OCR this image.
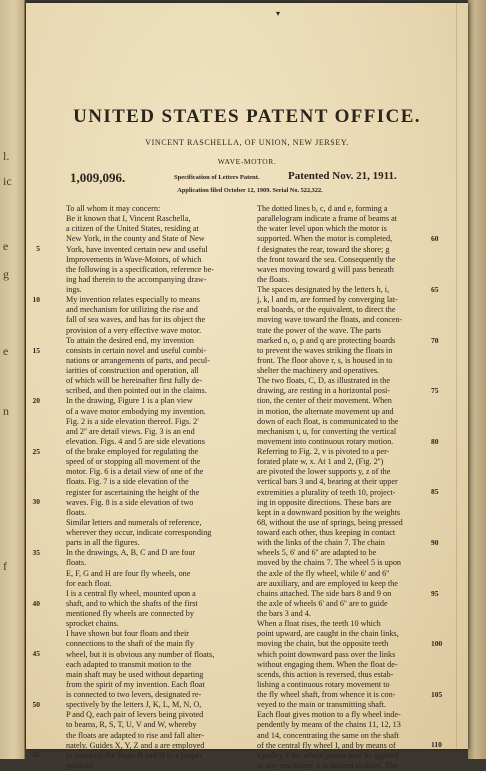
▾
UNITED STATES PATENT OFFICE.
VINCENT RASCHELLA, OF UNION, NEW JERSEY.
WAVE-MOTOR.
1,009,096.	Specification of Letters Patent.	Patented Nov. 21, 1911.
Application filed October 12, 1909. Serial No. 522,322.
To all whom it may concern:
Be it known that I, Vincent Raschella,
a citizen of the United States, residing at
New York, in the county and State of New
York, have invented certain new and useful
Improvements in Wave-Motors, of which
the following is a specification, reference be-
ing had therein to the accompanying draw-
ings.
My invention relates especially to means
and mechanism for utilizing the rise and
fall of sea waves, and has for its object the
provision of a very effective wave motor.
To attain the desired end, my invention
consists in certain novel and useful combi-
nations or arrangements of parts, and pecul-
iarities of construction and operation, all
of which will be hereinafter first fully de-
scribed, and then pointed out in the claims.
In the drawing, Figure 1 is a plan view
of a wave motor embodying my invention.
Fig. 2 is a side elevation thereof. Figs. 2'
and 2'' are detail views. Fig. 3 is an end
elevation. Figs. 4 and 5 are side elevations
of the brake employed for regulating the
speed of or stopping all movement of the
motor. Fig. 6 is a detail view of one of the
floats. Fig. 7 is a side elevation of the
register for ascertaining the height of the
waves. Fig. 8 is a side elevation of two
floats.
Similar letters and numerals of reference,
wherever they occur, indicate corresponding
parts in all the figures.
In the drawings, A, B, C and D are four
floats.
E, F, G and H are four fly wheels, one
for each float.
I is a central fly wheel, mounted upon a
shaft, and to which the shafts of the first
mentioned fly wheels are connected by
sprocket chains.
I have shown but four floats and their
connections to the shaft of the main fly
wheel, but it is obvious any number of floats,
each adapted to transmit motion to the
main shaft may be used without departing
from the spirit of my invention. Each float
is connected to two levers, designated re-
spectively by the letters J, K, L, M, N, O,
P and Q, each pair of levers being pivoted
to beams, R, S, T, U, V and W, whereby
the floats are adapted to rise and fall alter-
nately. Guides X, Y, Z and a are employed
to maintain the floats B and D in a proper
position.
The dotted lines b, c, d and e, forming a
parallelogram indicate a frame of beams at
the water level upon which the motor is
supported. When the motor is completed,
f designates the rear, toward the shore; g
the front toward the sea. Consequently the
waves moving toward g will pass beneath
the floats.
The spaces designated by the letters h, i,
j, k, l and m, are formed by converging lat-
eral boards, or the equivalent, to direct the
moving wave toward the floats, and concen-
trate the power of the wave. The parts
marked n, o, p and q are protecting boards
to prevent the waves striking the floats in
front. The floor above r, s, is housed in to
shelter the machinery and operatives.
The two floats, C, D, as illustrated in the
drawing, are resting in a horizontal posi-
tion, the center of their movement. When
in motion, the alternate movement up and
down of each float, is communicated to the
mechanism t, u, for converting the vertical
movement into continuous rotary motion.
Referring to Fig. 2, v is pivoted to a per-
forated plate w, x. At 1 and 2, (Fig. 2'')
are pivoted the lower supports y, z of the
vertical bars 3 and 4, bearing at their upper
extremities a plurality of teeth 10, project-
ing in opposite directions. These bars are
kept in a downward position by the weights
68, without the use of springs, being pressed
toward each other, thus keeping in contact
with the links of the chain 7. The chain
wheels 5, 6' and 6'' are adapted to be
moved by the chains 7. The wheel 5 is upon
the axle of the fly wheel, while 6' and 6''
are auxiliary, and are employed to keep the
chains attached. The side bars 8 and 9 on
the axle of wheels 6' and 6'' are to guide
the bars 3 and 4.
When a float rises, the teeth 10 which
point upward, are caught in the chain links,
moving the chain, but the opposite teeth
which point downward pass over the links
without engaging them. When the float de-
scends, this action is reversed, thus estab-
lishing a continuous rotary movement to
the fly wheel shaft, from whence it is con-
veyed to the main or transmitting shaft.
Each float gives motion to a fly wheel inde-
pendently by means of the chains 11, 12, 13
and 14, concentrating the same on the shaft
of the central fly wheel I, and by means of
a pulley I' the whole power may be applied
to any machinery it is desired to drive. The
5
10
15
20
25
30
35
40
45
50
55
60
65
70
75
80
85
90
95
100
105
110
l.
ic
e
g
e
n
f
